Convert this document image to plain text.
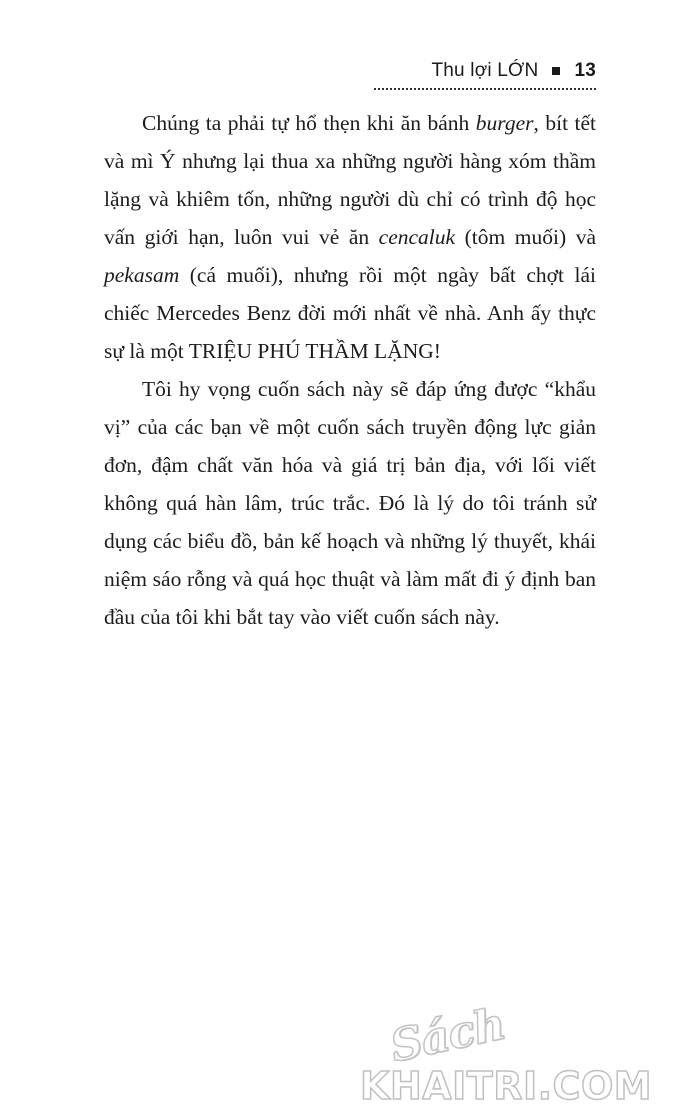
Thu lợi LỚN 13

Chúng ta phải tự hổ thẹn khi ăn bánh burger, bít tết và mì Ý nhưng lại thua xa những người hàng xóm thầm lặng và khiêm tốn, những người dù chỉ có trình độ học vấn giới hạn, luôn vui vẻ ăn cencaluk (tôm muối) và pekasam (cá muối), nhưng rồi một ngày bất chợt lái chiếc Mercedes Benz đời mới nhất về nhà. Anh ấy thực sự là một TRIỆU PHÚ THẦM LẶNG!

Tôi hy vọng cuốn sách này sẽ đáp ứng được “khẩu vị” của các bạn về một cuốn sách truyền động lực giản đơn, đậm chất văn hóa và giá trị bản địa, với lối viết không quá hàn lâm, trúc trắc. Đó là lý do tôi tránh sử dụng các biểu đồ, bản kế hoạch và những lý thuyết, khái niệm sáo rỗng và quá học thuật và làm mất đi ý định ban đầu của tôi khi bắt tay vào viết cuốn sách này.

Sách
KHAITRI.COM
